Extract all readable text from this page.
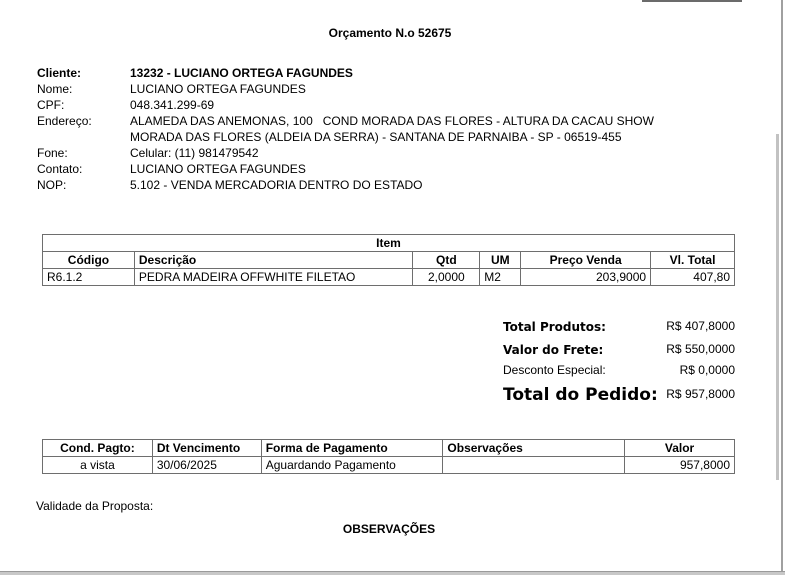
Orçamento N.o 52675
Cliente:	13232 - LUCIANO ORTEGA FAGUNDES
Nome:	LUCIANO ORTEGA FAGUNDES
CPF:	048.341.299-69
Endereço:	ALAMEDA DAS ANEMONAS, 100   COND MORADA DAS FLORES - ALTURA DA CACAU SHOW
MORADA DAS FLORES (ALDEIA DA SERRA) - SANTANA DE PARNAIBA - SP - 06519-455
Fone:	Celular: (11) 981479542
Contato:	LUCIANO ORTEGA FAGUNDES
NOP:	5.102 - VENDA MERCADORIA DENTRO DO ESTADO
Item					
Código	Descrição	Qtd	UM	Preço Venda	Vl. Total
R6.1.2	PEDRA MADEIRA OFFWHITE FILETAO	2,0000	M2	203,9000	407,80
Total Produtos:	R$ 407,8000
Valor do Frete:	R$ 550,0000
Desconto Especial:	R$ 0,0000
Total do Pedido: R$ 957,8000
Cond. Pagto:	Dt Vencimento	Forma de Pagamento	Observações	Valor
a vista	30/06/2025	Aguardando Pagamento		957,8000
Validade da Proposta:
OBSERVAÇÕES
